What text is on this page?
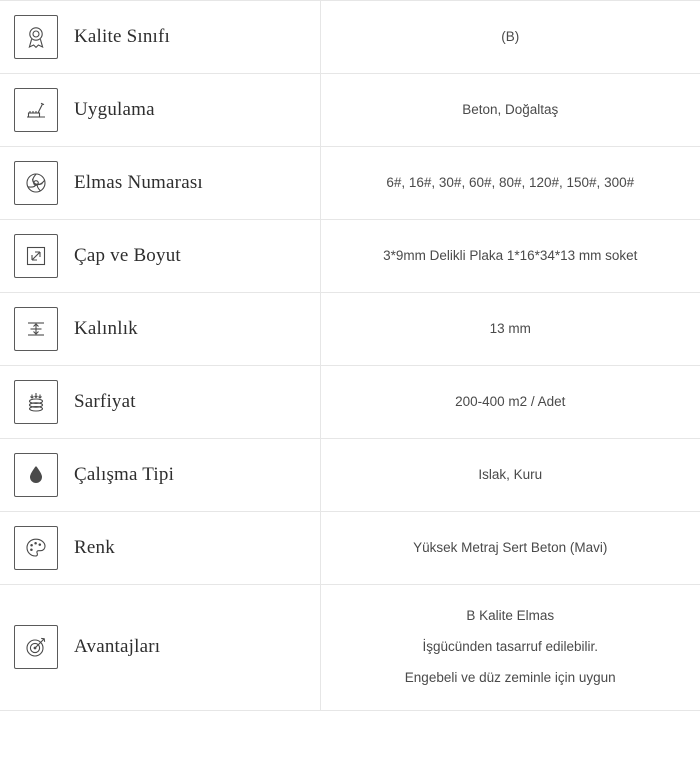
Kalite Sınıfı	(B)

Uygulama	Beton, Doğaltaş

Elmas Numarası	6#, 16#, 30#, 60#, 80#, 120#, 150#, 300#

Çap ve Boyut	3*9mm Delikli Plaka 1*16*34*13 mm soket

Kalınlık	13 mm

Sarfiyat	200-400 m2 / Adet

Çalışma Tipi	Islak, Kuru

Renk	Yüksek Metraj Sert Beton (Mavi)

Avantajları	B Kalite Elmas
İşgücünden tasarruf edilebilir.
Engebeli ve düz zeminle için uygun
